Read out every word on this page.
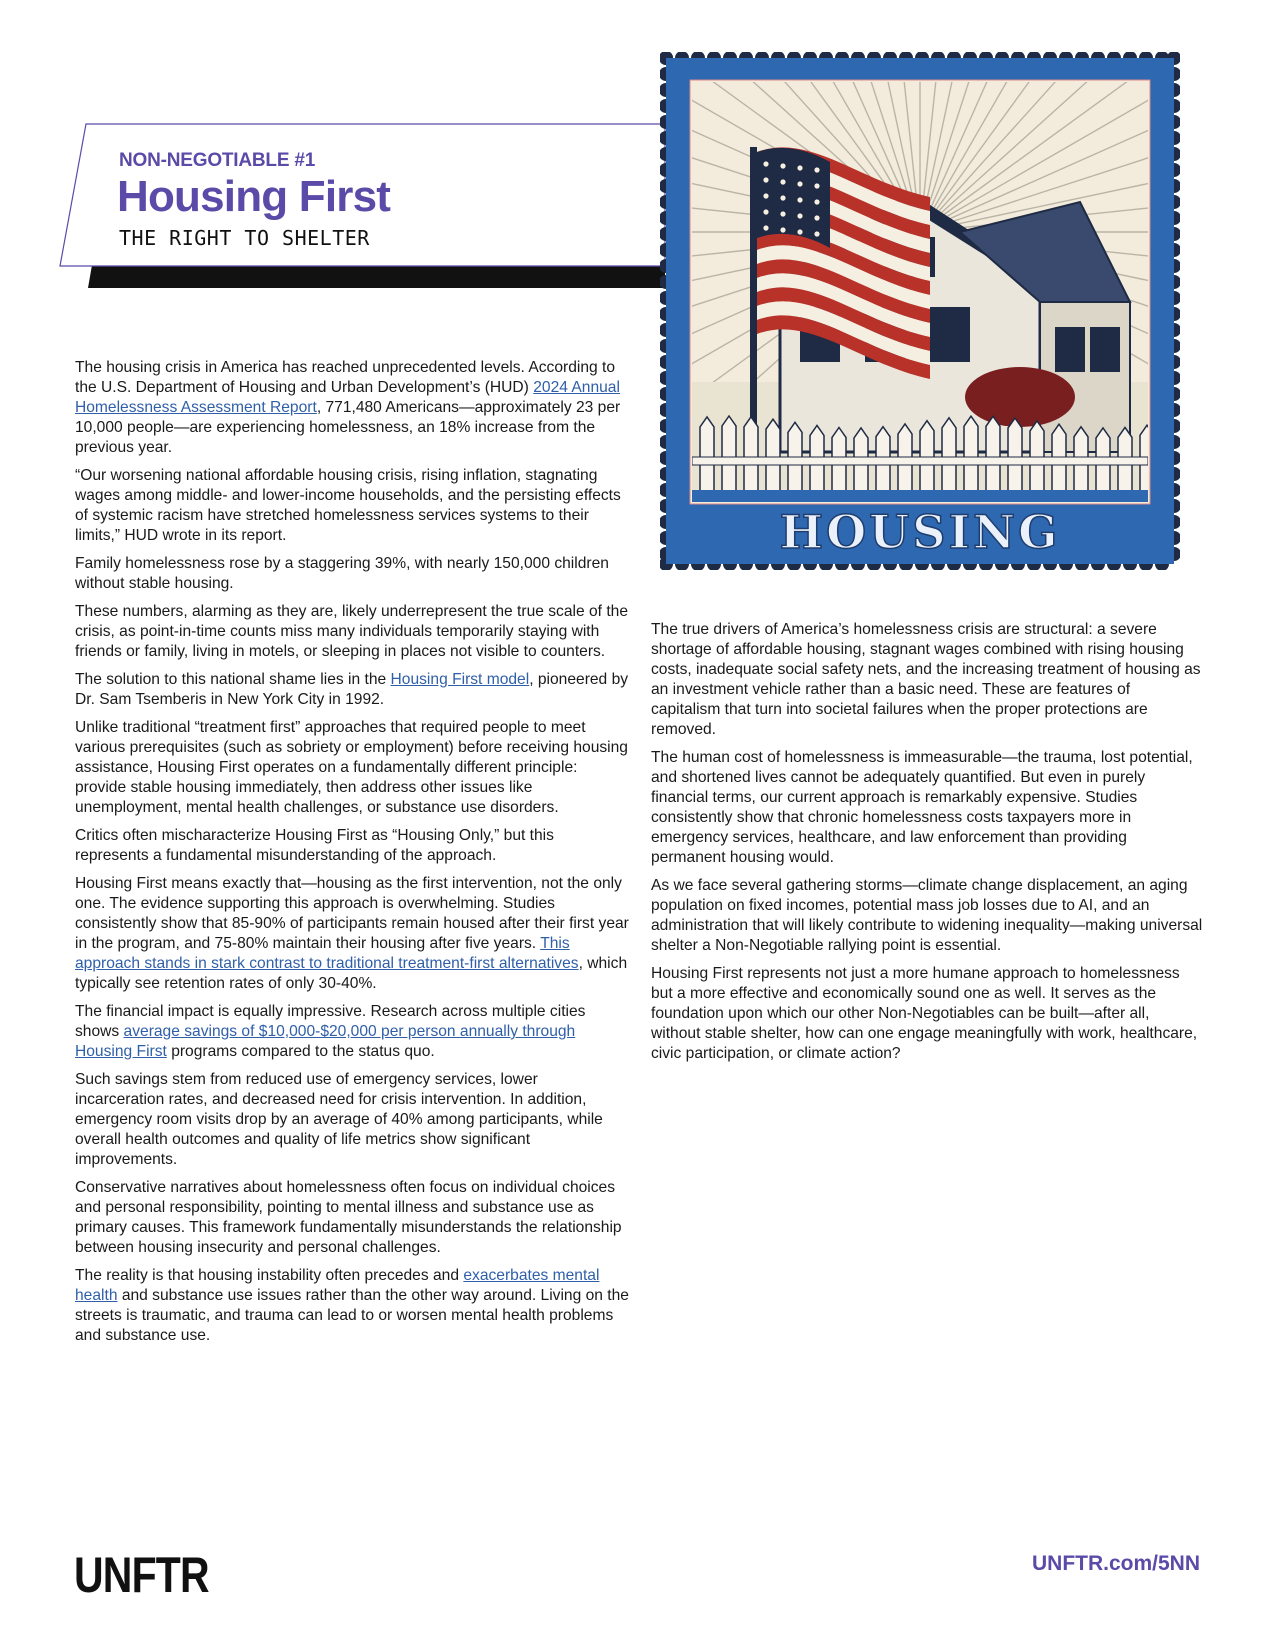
NON-NEGOTIABLE #1
Housing First
THE RIGHT TO SHELTER
HOUSING

The housing crisis in America has reached unprecedented levels. According to the U.S. Department of Housing and Urban Development’s (HUD) 2024 Annual Homelessness Assessment Report, 771,480 Americans—approximately 23 per 10,000 people—are experiencing homelessness, an 18% increase from the previous year.

“Our worsening national affordable housing crisis, rising inflation, stagnating wages among middle- and lower-income households, and the persisting effects of systemic racism have stretched homelessness services systems to their limits,” HUD wrote in its report.

Family homelessness rose by a staggering 39%, with nearly 150,000 children without stable housing.

These numbers, alarming as they are, likely underrepresent the true scale of the crisis, as point-in-time counts miss many individuals temporarily staying with friends or family, living in motels, or sleeping in places not visible to counters.

The solution to this national shame lies in the Housing First model, pioneered by Dr. Sam Tsemberis in New York City in 1992.

Unlike traditional “treatment first” approaches that required people to meet various prerequisites (such as sobriety or employment) before receiving housing assistance, Housing First operates on a fundamentally different principle: provide stable housing immediately, then address other issues like unemployment, mental health challenges, or substance use disorders.

Critics often mischaracterize Housing First as “Housing Only,” but this represents a fundamental misunderstanding of the approach.

Housing First means exactly that—housing as the first intervention, not the only one. The evidence supporting this approach is overwhelming. Studies consistently show that 85-90% of participants remain housed after their first year in the program, and 75-80% maintain their housing after five years. This approach stands in stark contrast to traditional treatment-first alternatives, which typically see retention rates of only 30-40%.

The financial impact is equally impressive. Research across multiple cities shows average savings of $10,000-$20,000 per person annually through Housing First programs compared to the status quo.

Such savings stem from reduced use of emergency services, lower incarceration rates, and decreased need for crisis intervention. In addition, emergency room visits drop by an average of 40% among participants, while overall health outcomes and quality of life metrics show significant improvements.

Conservative narratives about homelessness often focus on individual choices and personal responsibility, pointing to mental illness and substance use as primary causes. This framework fundamentally misunderstands the relationship between housing insecurity and personal challenges.

The reality is that housing instability often precedes and exacerbates mental health and substance use issues rather than the other way around. Living on the streets is traumatic, and trauma can lead to or worsen mental health problems and substance use.

The true drivers of America’s homelessness crisis are structural: a severe shortage of affordable housing, stagnant wages combined with rising housing costs, inadequate social safety nets, and the increasing treatment of housing as an investment vehicle rather than a basic need. These are features of capitalism that turn into societal failures when the proper protections are removed.

The human cost of homelessness is immeasurable—the trauma, lost potential, and shortened lives cannot be adequately quantified. But even in purely financial terms, our current approach is remarkably expensive. Studies consistently show that chronic homelessness costs taxpayers more in emergency services, healthcare, and law enforcement than providing permanent housing would.

As we face several gathering storms—climate change displacement, an aging population on fixed incomes, potential mass job losses due to AI, and an administration that will likely contribute to widening inequality—making universal shelter a Non-Negotiable rallying point is essential.

Housing First represents not just a more humane approach to homelessness but a more effective and economically sound one as well. It serves as the foundation upon which our other Non-Negotiables can be built—after all, without stable shelter, how can one engage meaningfully with work, healthcare, civic participation, or climate action?

UNFTR	UNFTR.com/5NN
